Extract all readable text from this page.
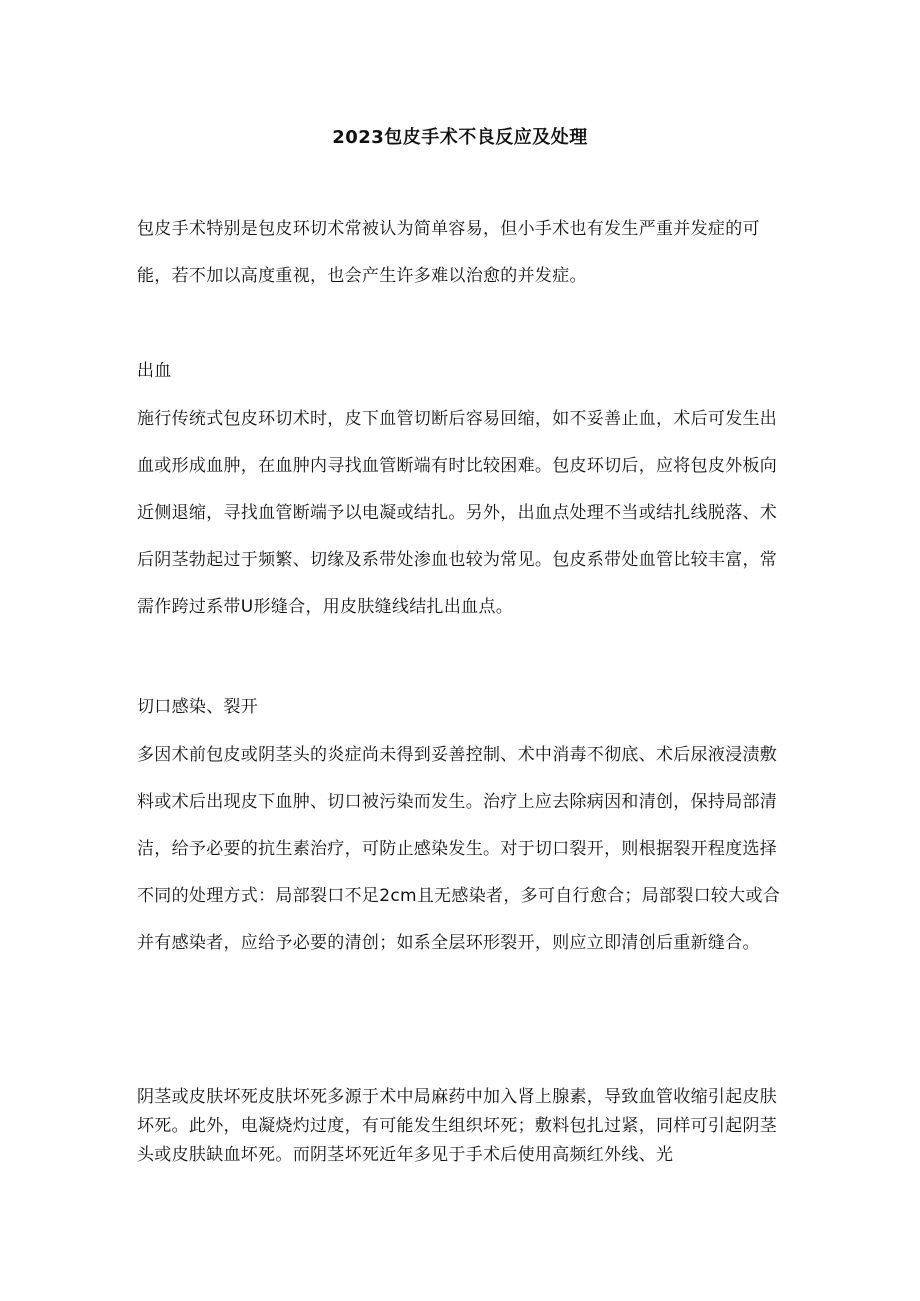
2023包皮手术不良反应及处理

包皮手术特别是包皮环切术常被认为简单容易，但小手术也有发生严重并发症的可能，若不加以高度重视，也会产生许多难以治愈的并发症。

出血

施行传统式包皮环切术时，皮下血管切断后容易回缩，如不妥善止血，术后可发生出血或形成血肿，在血肿内寻找血管断端有时比较困难。包皮环切后，应将包皮外板向近侧退缩，寻找血管断端予以电凝或结扎。另外，出血点处理不当或结扎线脱落、术后阴茎勃起过于频繁、切缘及系带处渗血也较为常见。包皮系带处血管比较丰富，常需作跨过系带U形缝合，用皮肤缝线结扎出血点。

切口感染、裂开

多因术前包皮或阴茎头的炎症尚未得到妥善控制、术中消毒不彻底、术后尿液浸渍敷料或术后出现皮下血肿、切口被污染而发生。治疗上应去除病因和清创，保持局部清洁，给予必要的抗生素治疗，可防止感染发生。对于切口裂开，则根据裂开程度选择不同的处理方式：局部裂口不足2cm且无感染者，多可自行愈合；局部裂口较大或合并有感染者，应给予必要的清创；如系全层环形裂开，则应立即清创后重新缝合。

阴茎或皮肤坏死皮肤坏死多源于术中局麻药中加入肾上腺素，导致血管收缩引起皮肤坏死。此外，电凝烧灼过度，有可能发生组织坏死；敷料包扎过紧，同样可引起阴茎头或皮肤缺血坏死。而阴茎坏死近年多见于手术后使用高频红外线、光
